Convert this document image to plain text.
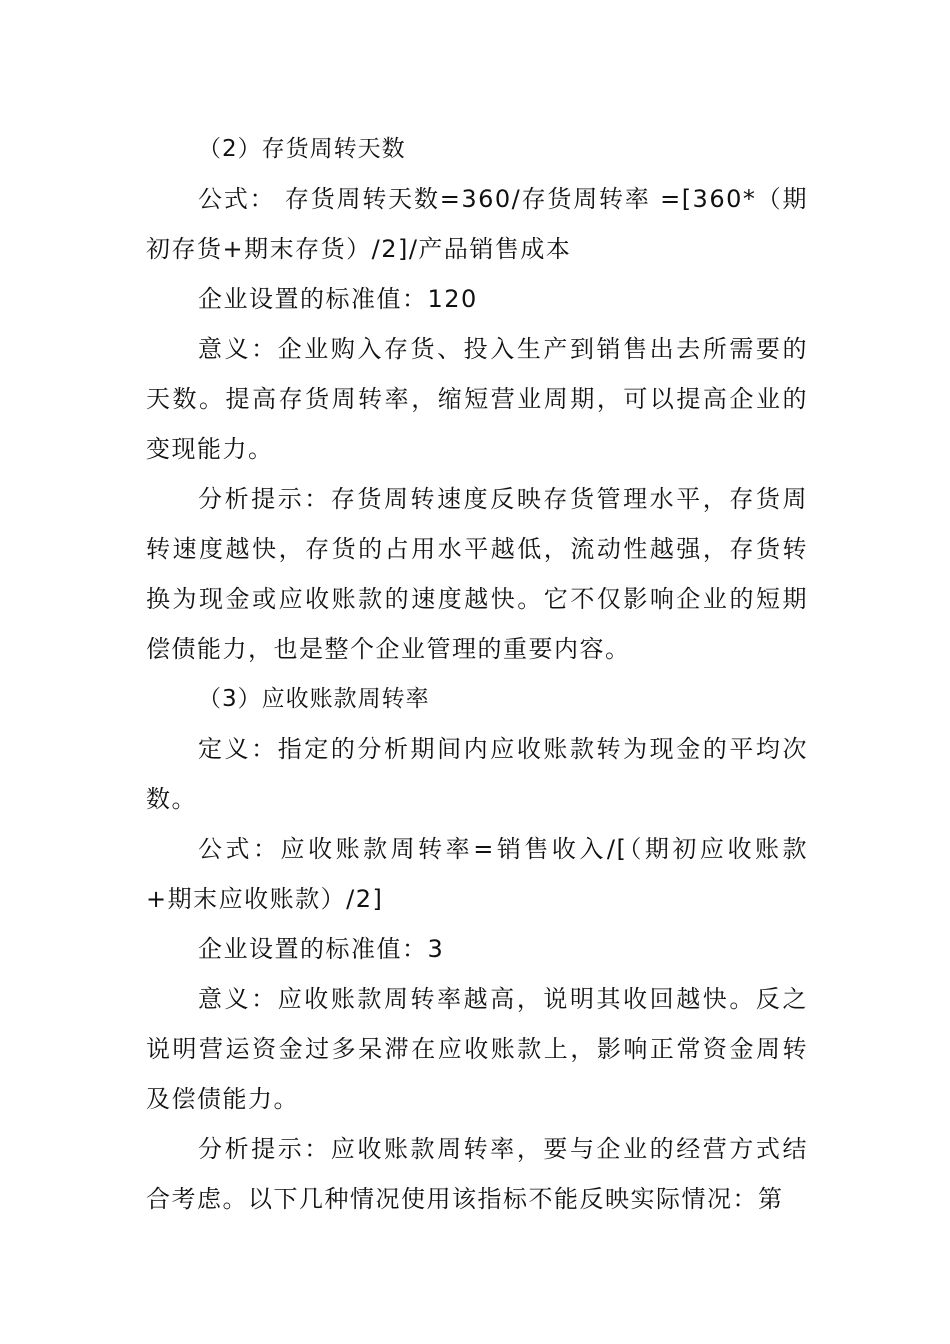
（2）存货周转天数

公式： 存货周转天数=360/存货周转率 =[360*（期初存货+期末存货）/2]/产品销售成本

企业设置的标准值：120

意义：企业购入存货、投入生产到销售出去所需要的天数。提高存货周转率，缩短营业周期，可以提高企业的变现能力。

分析提示：存货周转速度反映存货管理水平，存货周转速度越快，存货的占用水平越低，流动性越强，存货转换为现金或应收账款的速度越快。它不仅影响企业的短期偿债能力，也是整个企业管理的重要内容。

（3）应收账款周转率

定义：指定的分析期间内应收账款转为现金的平均次数。

公式：应收账款周转率=销售收入/[（期初应收账款+期末应收账款）/2]

企业设置的标准值：3

意义：应收账款周转率越高，说明其收回越快。反之说明营运资金过多呆滞在应收账款上，影响正常资金周转及偿债能力。

分析提示：应收账款周转率，要与企业的经营方式结合考虑。以下几种情况使用该指标不能反映实际情况：第
